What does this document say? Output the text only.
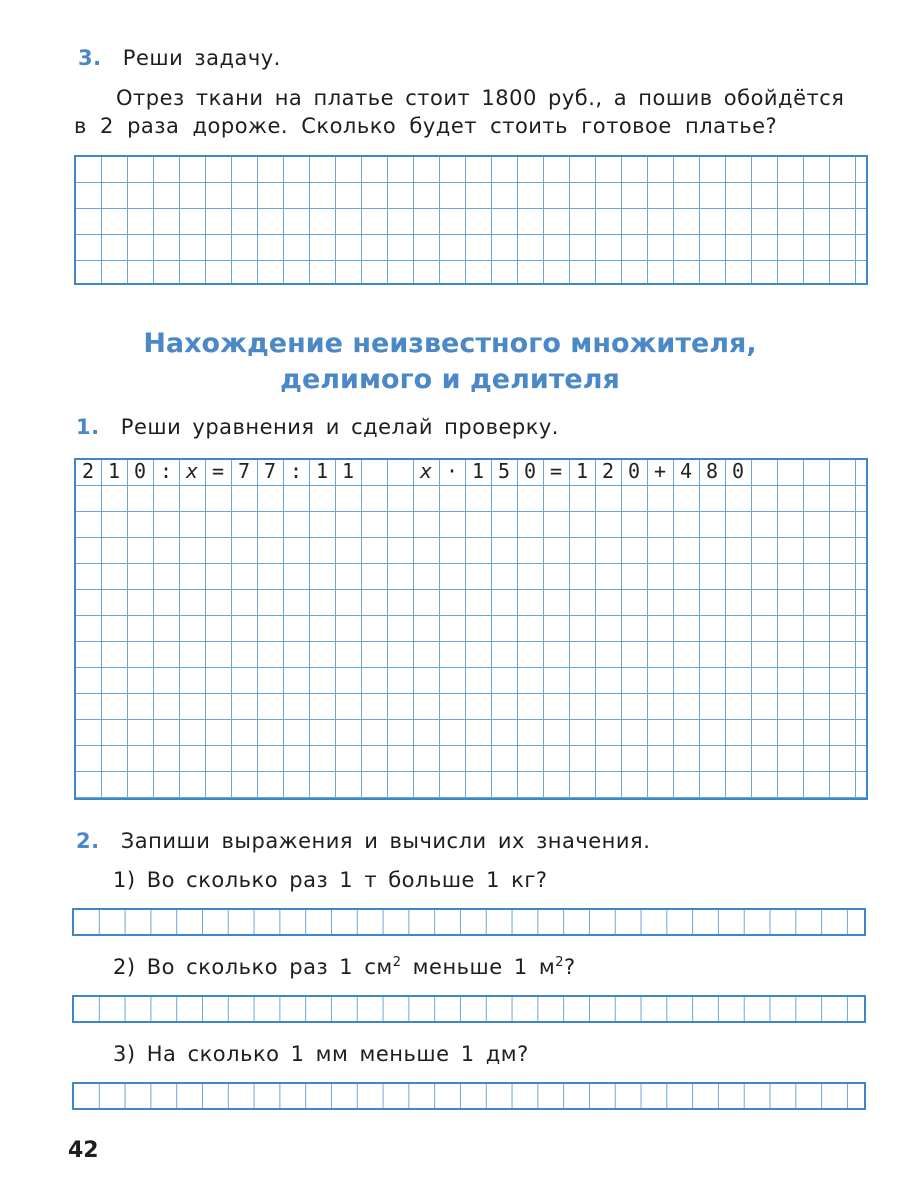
3. Реши задачу.
Отрез ткани на платье стоит 1800 руб., а пошив обойдётся
в 2 раза дороже. Сколько будет стоить готовое платье?
Нахождение неизвестного множителя,
делимого и делителя
1. Реши уравнения и сделай проверку.
2 1 0 : x = 7 7 : 1 1	x · 1 5 0 = 1 2 0 + 4 8 0
2. Запиши выражения и вычисли их значения.
1) Во сколько раз 1 т больше 1 кг?
2) Во сколько раз 1 $см^2$ меньше 1 $м^2$?
3) На сколько 1 мм меньше 1 дм?
42
